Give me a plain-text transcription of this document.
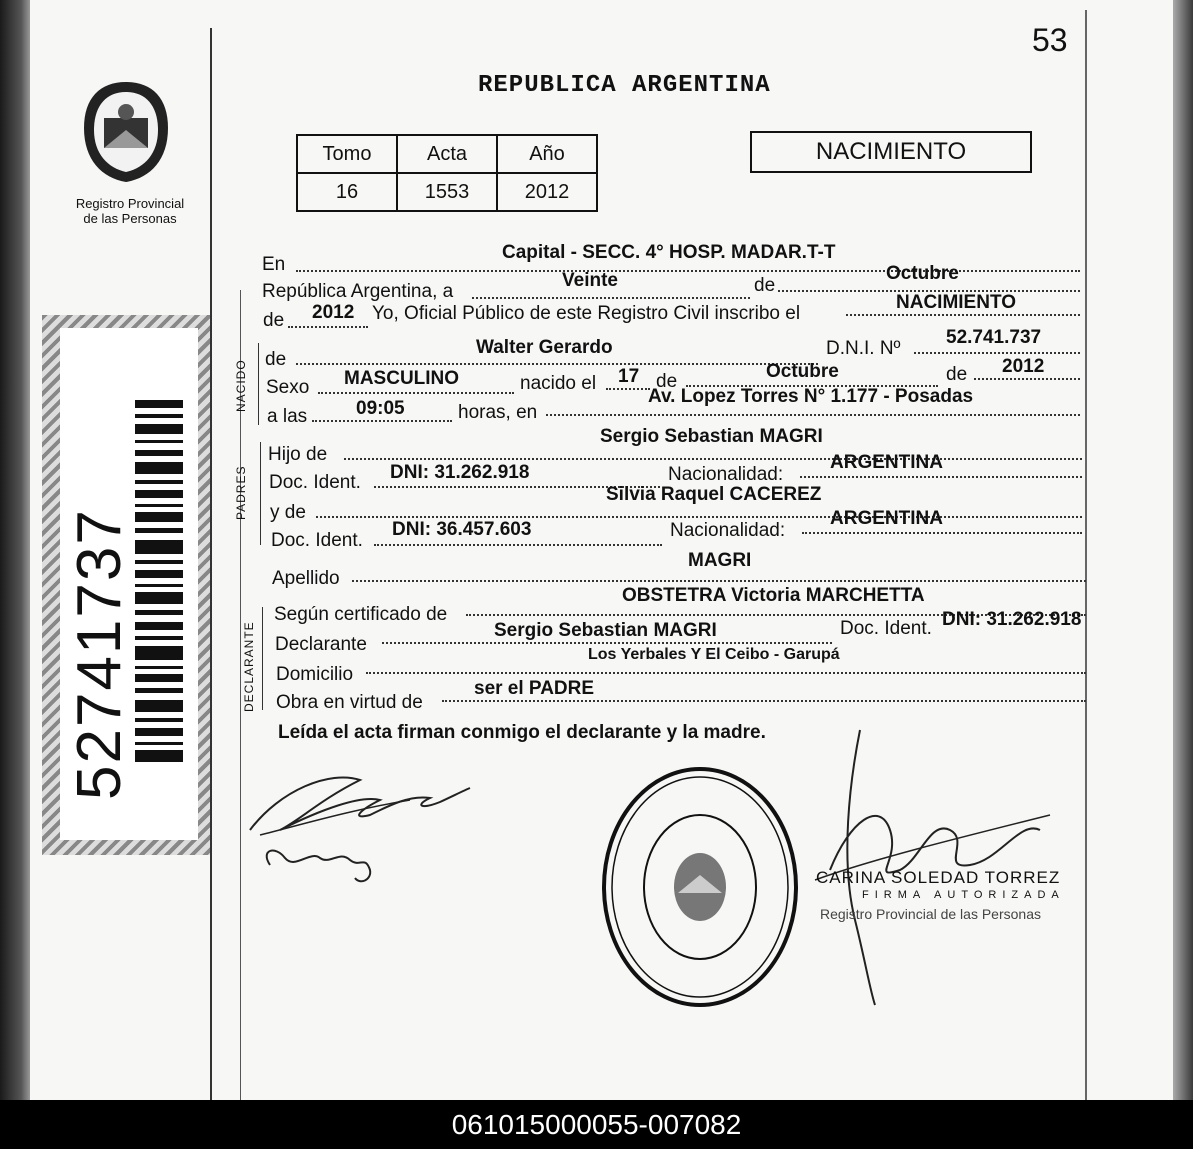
53
REPUBLICA ARGENTINA
Registro Provincial
de las Personas
52741737
Tomo	Acta	Año
16	1553	2012
NACIMIENTO
NACIDO
PADRES
DECLARANTE
En
Capital - SECC. 4° HOSP. MADAR.T-T
República Argentina, a
Veinte	de
Octubre
de 2012 Yo, Oficial Público de este Registro Civil inscribo el
NACIMIENTO
de
Walter Gerardo	D.N.I. Nº
52.741.737
Sexo MASCULINO	nacido el 17 de	Octubre	de 2012
a las	09:05	horas, en
Av. Lopez Torres N° 1.177 - Posadas
Hijo de
Sergio Sebastian MAGRI
Doc. Ident. DNI: 31.262.918	Nacionalidad:
ARGENTINA
y de
Silvia Raquel CACEREZ
Doc. Ident.
DNI: 36.457.603	Nacionalidad:
ARGENTINA
Apellido
MAGRI
Según certificado de
OBSTETRA Victoria MARCHETTA
Declarante
Sergio Sebastian MAGRI	Doc. Ident. DNI: 31.262.918
Domicilio
Los Yerbales Y El Ceibo - Garupá
Obra en virtud de
ser el PADRE
Leída el acta firman conmigo el declarante y la madre.
CARINA SOLEDAD TORREZ
FIRMA AUTORIZADA
Registro Provincial de las Personas
061015000055-007082
